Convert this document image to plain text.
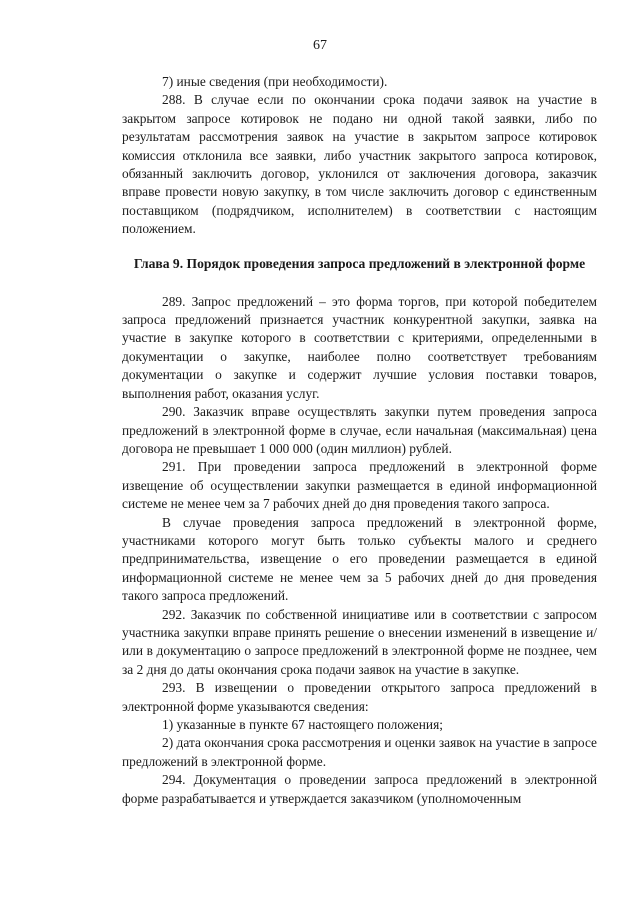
67

7) иные сведения (при необходимости).

288. В случае если по окончании срока подачи заявок на участие в закрытом запросе котировок не подано ни одной такой заявки, либо по результатам рассмотрения заявок на участие в закрытом запросе котировок комиссия отклонила все заявки, либо участник закрытого запроса котировок, обязанный заключить договор, уклонился от заключения договора, заказчик вправе провести новую закупку, в том числе заключить договор с единственным поставщиком (подрядчиком, исполнителем) в соответствии с настоящим положением.

Глава 9. Порядок проведения запроса предложений в электронной форме

289. Запрос предложений – это форма торгов, при которой победителем запроса предложений признается участник конкурентной закупки, заявка на участие в закупке которого в соответствии с критериями, определенными в документации о закупке, наиболее полно соответствует требованиям документации о закупке и содержит лучшие условия поставки товаров, выполнения работ, оказания услуг.

290. Заказчик вправе осуществлять закупки путем проведения запроса предложений в электронной форме в случае, если начальная (максимальная) цена договора не превышает 1 000 000 (один миллион) рублей.

291. При проведении запроса предложений в электронной форме извещение об осуществлении закупки размещается в единой информационной системе не менее чем за 7 рабочих дней до дня проведения такого запроса.

В случае проведения запроса предложений в электронной форме, участниками которого могут быть только субъекты малого и среднего предпринимательства, извещение о его проведении размещается в единой информационной системе не менее чем за 5 рабочих дней до дня проведения такого запроса предложений.

292. Заказчик по собственной инициативе или в соответствии с запросом участника закупки вправе принять решение о внесении изменений в извещение и/или в документацию о запросе предложений в электронной форме не позднее, чем за 2 дня до даты окончания срока подачи заявок на участие в закупке.

293. В извещении о проведении открытого запроса предложений в электронной форме указываются сведения:

1) указанные в пункте 67 настоящего положения;

2) дата окончания срока рассмотрения и оценки заявок на участие в запросе предложений в электронной форме.

294. Документация о проведении запроса предложений в электронной форме разрабатывается и утверждается заказчиком (уполномоченным
